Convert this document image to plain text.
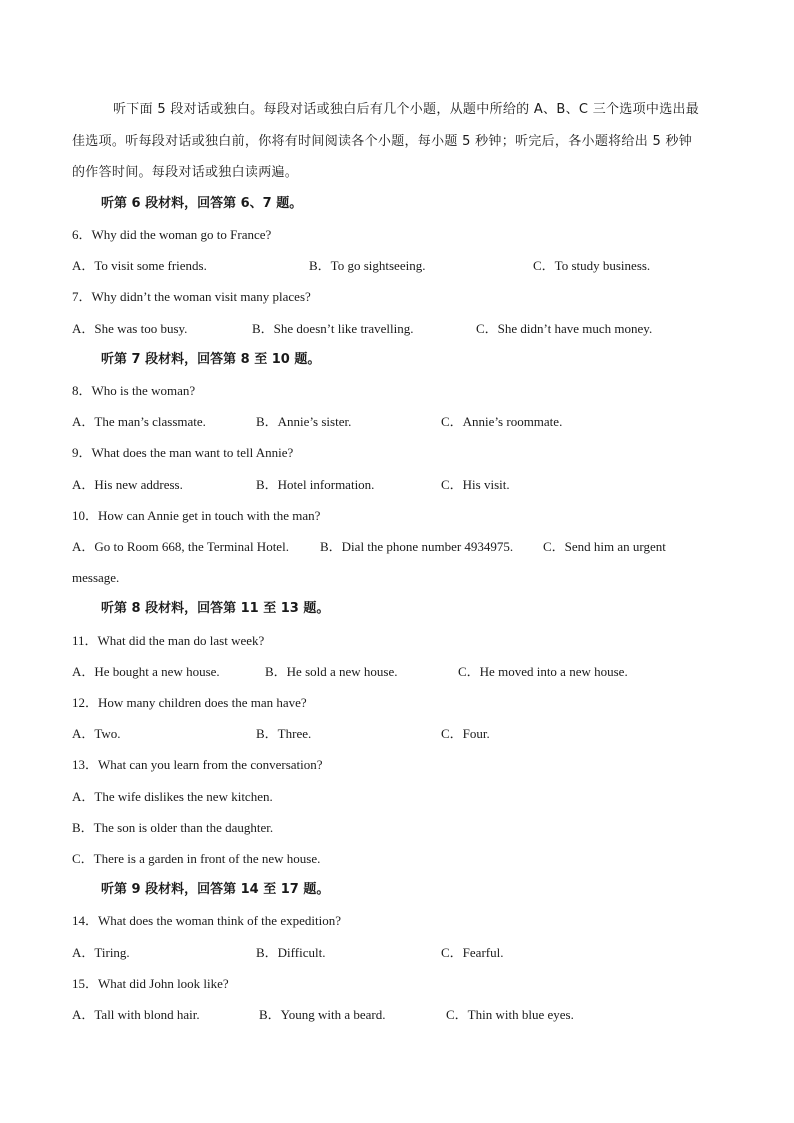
听下面 5 段对话或独白。每段对话或独白后有几个小题，从题中所给的 A、B、C 三个选项中选出最
佳选项。听每段对话或独白前，你将有时间阅读各个小题，每小题 5 秒钟；听完后，各小题将给出 5 秒钟
的作答时间。每段对话或独白读两遍。
听第 6 段材料，回答第 6、7 题。
6．Why did the woman go to France?
A．To visit some friends.	B．To go sightseeing.	C．To study business.
7．Why didn’t the woman visit many places?
A．She was too busy.	B．She doesn’t like travelling.	C．She didn’t have much money.
听第 7 段材料，回答第 8 至 10 题。
8．Who is the woman?
A．The man’s classmate.	B．Annie’s sister.	C．Annie’s roommate.
9．What does the man want to tell Annie?
A．His new address.	B．Hotel information.	C．His visit.
10．How can Annie get in touch with the man?
A．Go to Room 668, the Terminal Hotel. B．Dial the phone number 4934975. C．Send him an urgent
message.
听第 8 段材料，回答第 11 至 13 题。
11．What did the man do last week?
A．He bought a new house.	B．He sold a new house.	C．He moved into a new house.
12．How many children does the man have?
A．Two.	B．Three.	C．Four.
13．What can you learn from the conversation?
A．The wife dislikes the new kitchen.
B．The son is older than the daughter.
C．There is a garden in front of the new house.
听第 9 段材料，回答第 14 至 17 题。
14．What does the woman think of the expedition?
A．Tiring.	B．Difficult.	C．Fearful.
15．What did John look like?
A．Tall with blond hair.	B．Young with a beard.	C．Thin with blue eyes.
